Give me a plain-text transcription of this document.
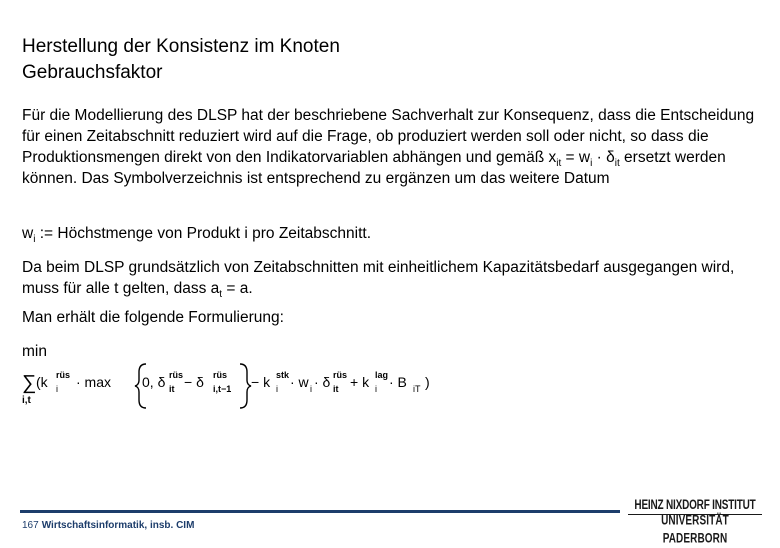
Herstellung der Konsistenz im Knoten
Gebrauchsfaktor
Für die Modellierung des DLSP hat der beschriebene Sachverhalt zur Konsequenz, dass die Entscheidung für einen Zeitabschnitt reduziert wird auf die Frage, ob produziert werden soll oder nicht, so dass die Produktionsmengen direkt von den Indikatorvariablen abhängen und gemäß $x_{it} = w_i \cdot \delta_{it}$ ersetzt werden können. Das Symbolverzeichnis ist entsprechend zu ergänzen um das weitere Datum
$w_i$ := Höchstmenge von Produkt i pro Zeitabschnitt.
Da beim DLSP grundsätzlich von Zeitabschnitten mit einheitlichem Kapazitätsbedarf ausgegangen wird, muss für alle t gelten, dass $a_t = a$.
Man erhält die folgende Formulierung:
min
∑
i,t
(k rüs
i · max 0, δ rüs
it − δ rüs
i,t−1 − k stk
i · w i · δ rüs
it + k lag
i · B iT )
167 Wirtschaftsinformatik, insb. CIM
HEINZ NIXDORF INSTITUT
UNIVERSITÄT PADERBORN
